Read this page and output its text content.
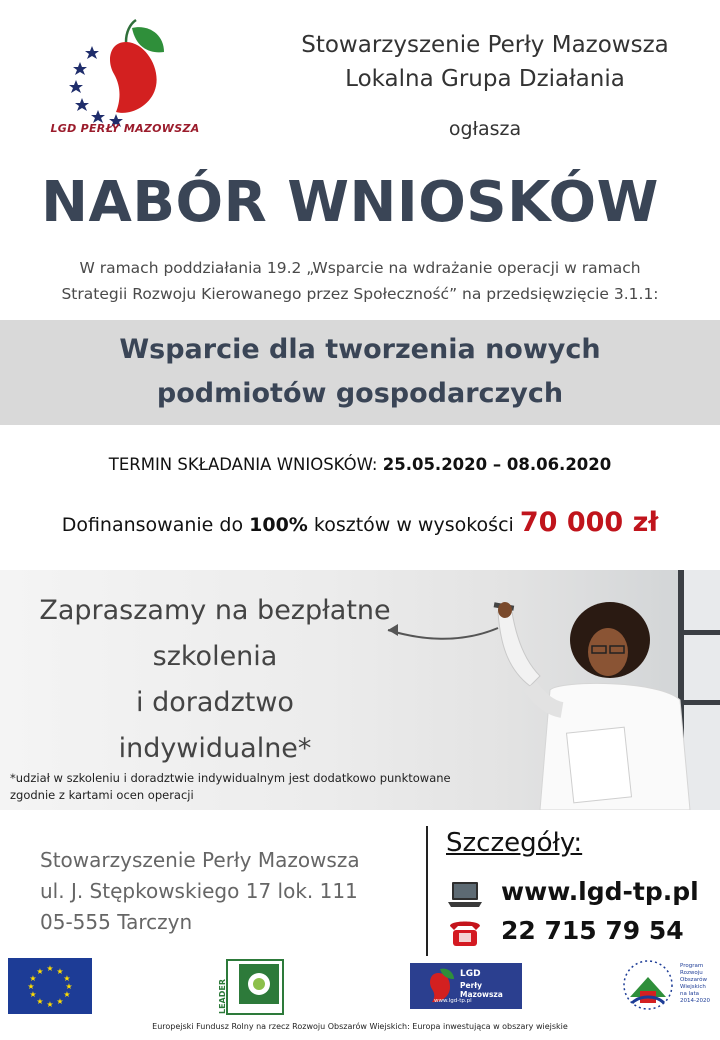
LGD PERŁY MAZOWSZA
Stowarzyszenie Perły Mazowsza
Lokalna Grupa Działania
ogłasza
NABÓR WNIOSKÓW
W ramach poddziałania 19.2 „Wsparcie na wdrażanie operacji w ramach
Strategii Rozwoju Kierowanego przez Społeczność” na przedsięwzięcie 3.1.1:
Wsparcie dla tworzenia nowych
podmiotów gospodarczych
TERMIN SKŁADANIA WNIOSKÓW: 25.05.2020 – 08.06.2020
Dofinansowanie do 100% kosztów w wysokości 70 000 zł
Zapraszamy na bezpłatne
szkolenia
i doradztwo
indywidualne*
*udział w szkoleniu i doradztwie indywidualnym jest dodatkowo punktowane
zgodnie z kartami ocen operacji
Stowarzyszenie Perły Mazowsza
ul. J. Stępkowskiego 17 lok. 111
05-555 Tarczyn
Szczegóły:
www.lgd-tp.pl
22 715 79 54
★ ★
★
★
★
★
★
★
★
★
★
★
LEADER
LGD
Perły Mazowsza
www.lgd-tp.pl
Program
Rozwoju
Obszarów
Wiejskich
na lata 2014-2020
Europejski Fundusz Rolny na rzecz Rozwoju Obszarów Wiejskich: Europa inwestująca w obszary wiejskie
